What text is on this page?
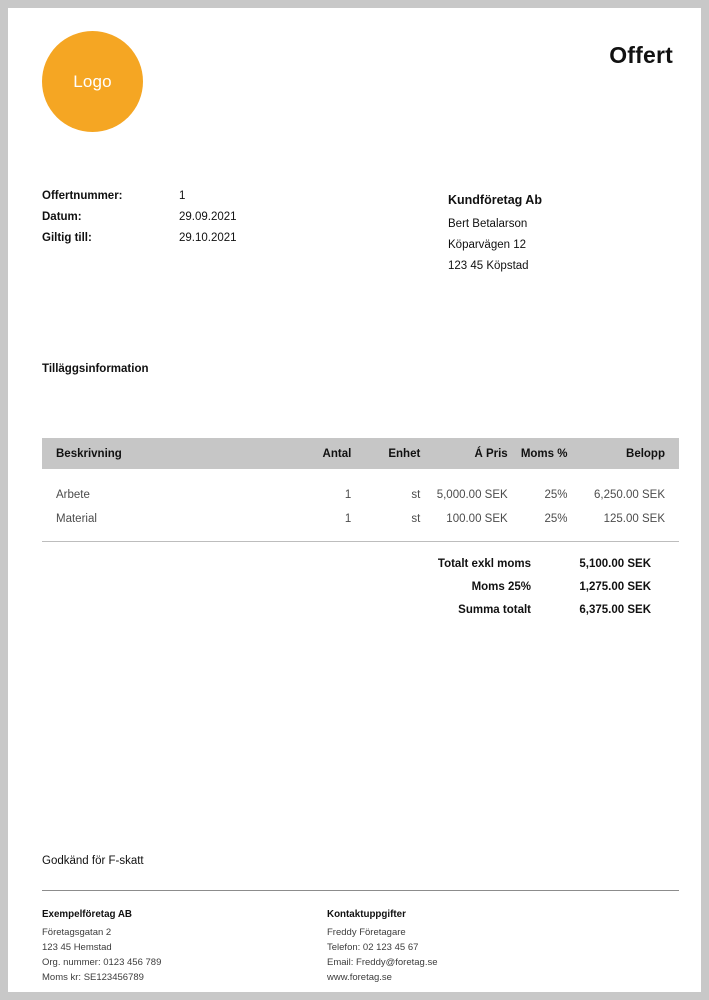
Logo
Offert
Offertnummer:	1
Datum:	29.09.2021
Giltig till:	29.10.2021
Kundföretag Ab
Bert Betalarson
Köparvägen 12
123 45 Köpstad
Tilläggsinformation
Beskrivning	Antal	Enhet	Á Pris	Moms %	Belopp
Arbete	1	st	5,000.00 SEK	25%	6,250.00 SEK
Material	1	st	100.00 SEK	25%	125.00 SEK
Totalt exkl moms	5,100.00 SEK
Moms 25%	1,275.00 SEK
Summa totalt	6,375.00 SEK
Godkänd för F-skatt
Exempelföretag AB
Företagsgatan 2
123 45 Hemstad
Org. nummer: 0123 456 789
Moms kr: SE123456789
Kontaktuppgifter
Freddy Företagare
Telefon: 02 123 45 67
Email: Freddy@foretag.se
www.foretag.se
